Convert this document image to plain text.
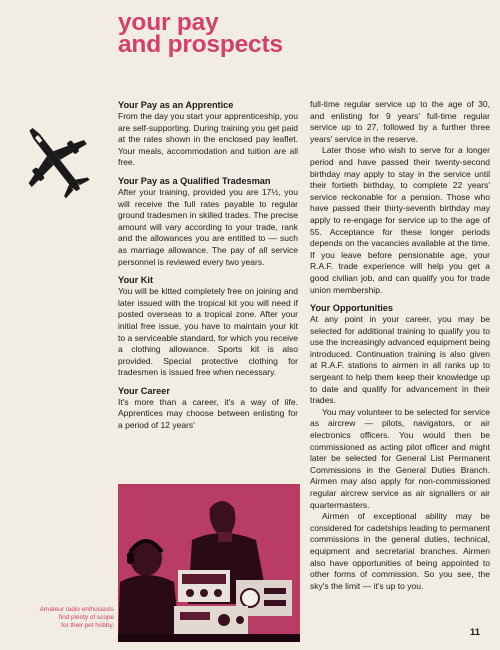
your pay
and prospects
Your Pay as an Apprentice

From the day you start your apprenticeship, you are self-supporting. During training you get paid at the rates shown in the enclosed pay leaflet. Your meals, accommodation and tuition are all free.

Your Pay as a Qualified Tradesman

After your training, provided you are 17½, you will receive the full rates payable to regular ground tradesmen in skilled trades. The precise amount will vary according to your trade, rank and the allowances you are entitled to — such as marriage allowance. The pay of all service personnel is reviewed every two years.

Your Kit

You will be kitted completely free on joining and later issued with the tropical kit you will need if posted overseas to a tropical zone. After your initial free issue, you have to maintain your kit to a serviceable standard, for which you receive a clothing allowance. Sports kit is also provided. Special protective clothing for tradesmen is issued free when necessary.

Your Career

It's more than a career, it's a way of life. Apprentices may choose between enlisting for a period of 12 years'

full-time regular service up to the age of 30, and enlisting for 9 years' full-time regular service up to 27, followed by a further three years' service in the reserve.

Later those who wish to serve for a longer period and have passed their twenty-second birthday may apply to stay in the service until their fortieth birthday, to complete 22 years' service reckonable for a pension. Those who have passed their thirty-seventh birthday may apply to re-engage for service up to the age of 55. Acceptance for these longer periods depends on the vacancies available at the time. If you leave before pensionable age, your R.A.F. trade experience will help you get a good civilian job, and can qualify you for trade union membership.

Your Opportunities

At any point in your career, you may be selected for additional training to qualify you to use the increasingly advanced equipment being introduced. Continuation training is also given at R.A.F. stations to airmen in all ranks up to sergeant to help them keep their knowledge up to date and qualify for advancement in their trades.

You may volunteer to be selected for service as aircrew — pilots, navigators, or air electronics officers. You would then be commissioned as acting pilot officer and might later be selected for General List Permanent Commissions in the General Duties Branch. Airmen may also apply for non-commissioned regular aircrew service as air signallers or air quartermasters.

Airmen of exceptional ability may be considered for cadetships leading to permanent commissions in the general duties, technical, equipment and secretarial branches. Airmen also have opportunities of being appointed to other forms of commission. So you see, the sky's the limit — it's up to you.

Amateur radio enthusiasts
find plenty of scope
for their pet hobby.
11
